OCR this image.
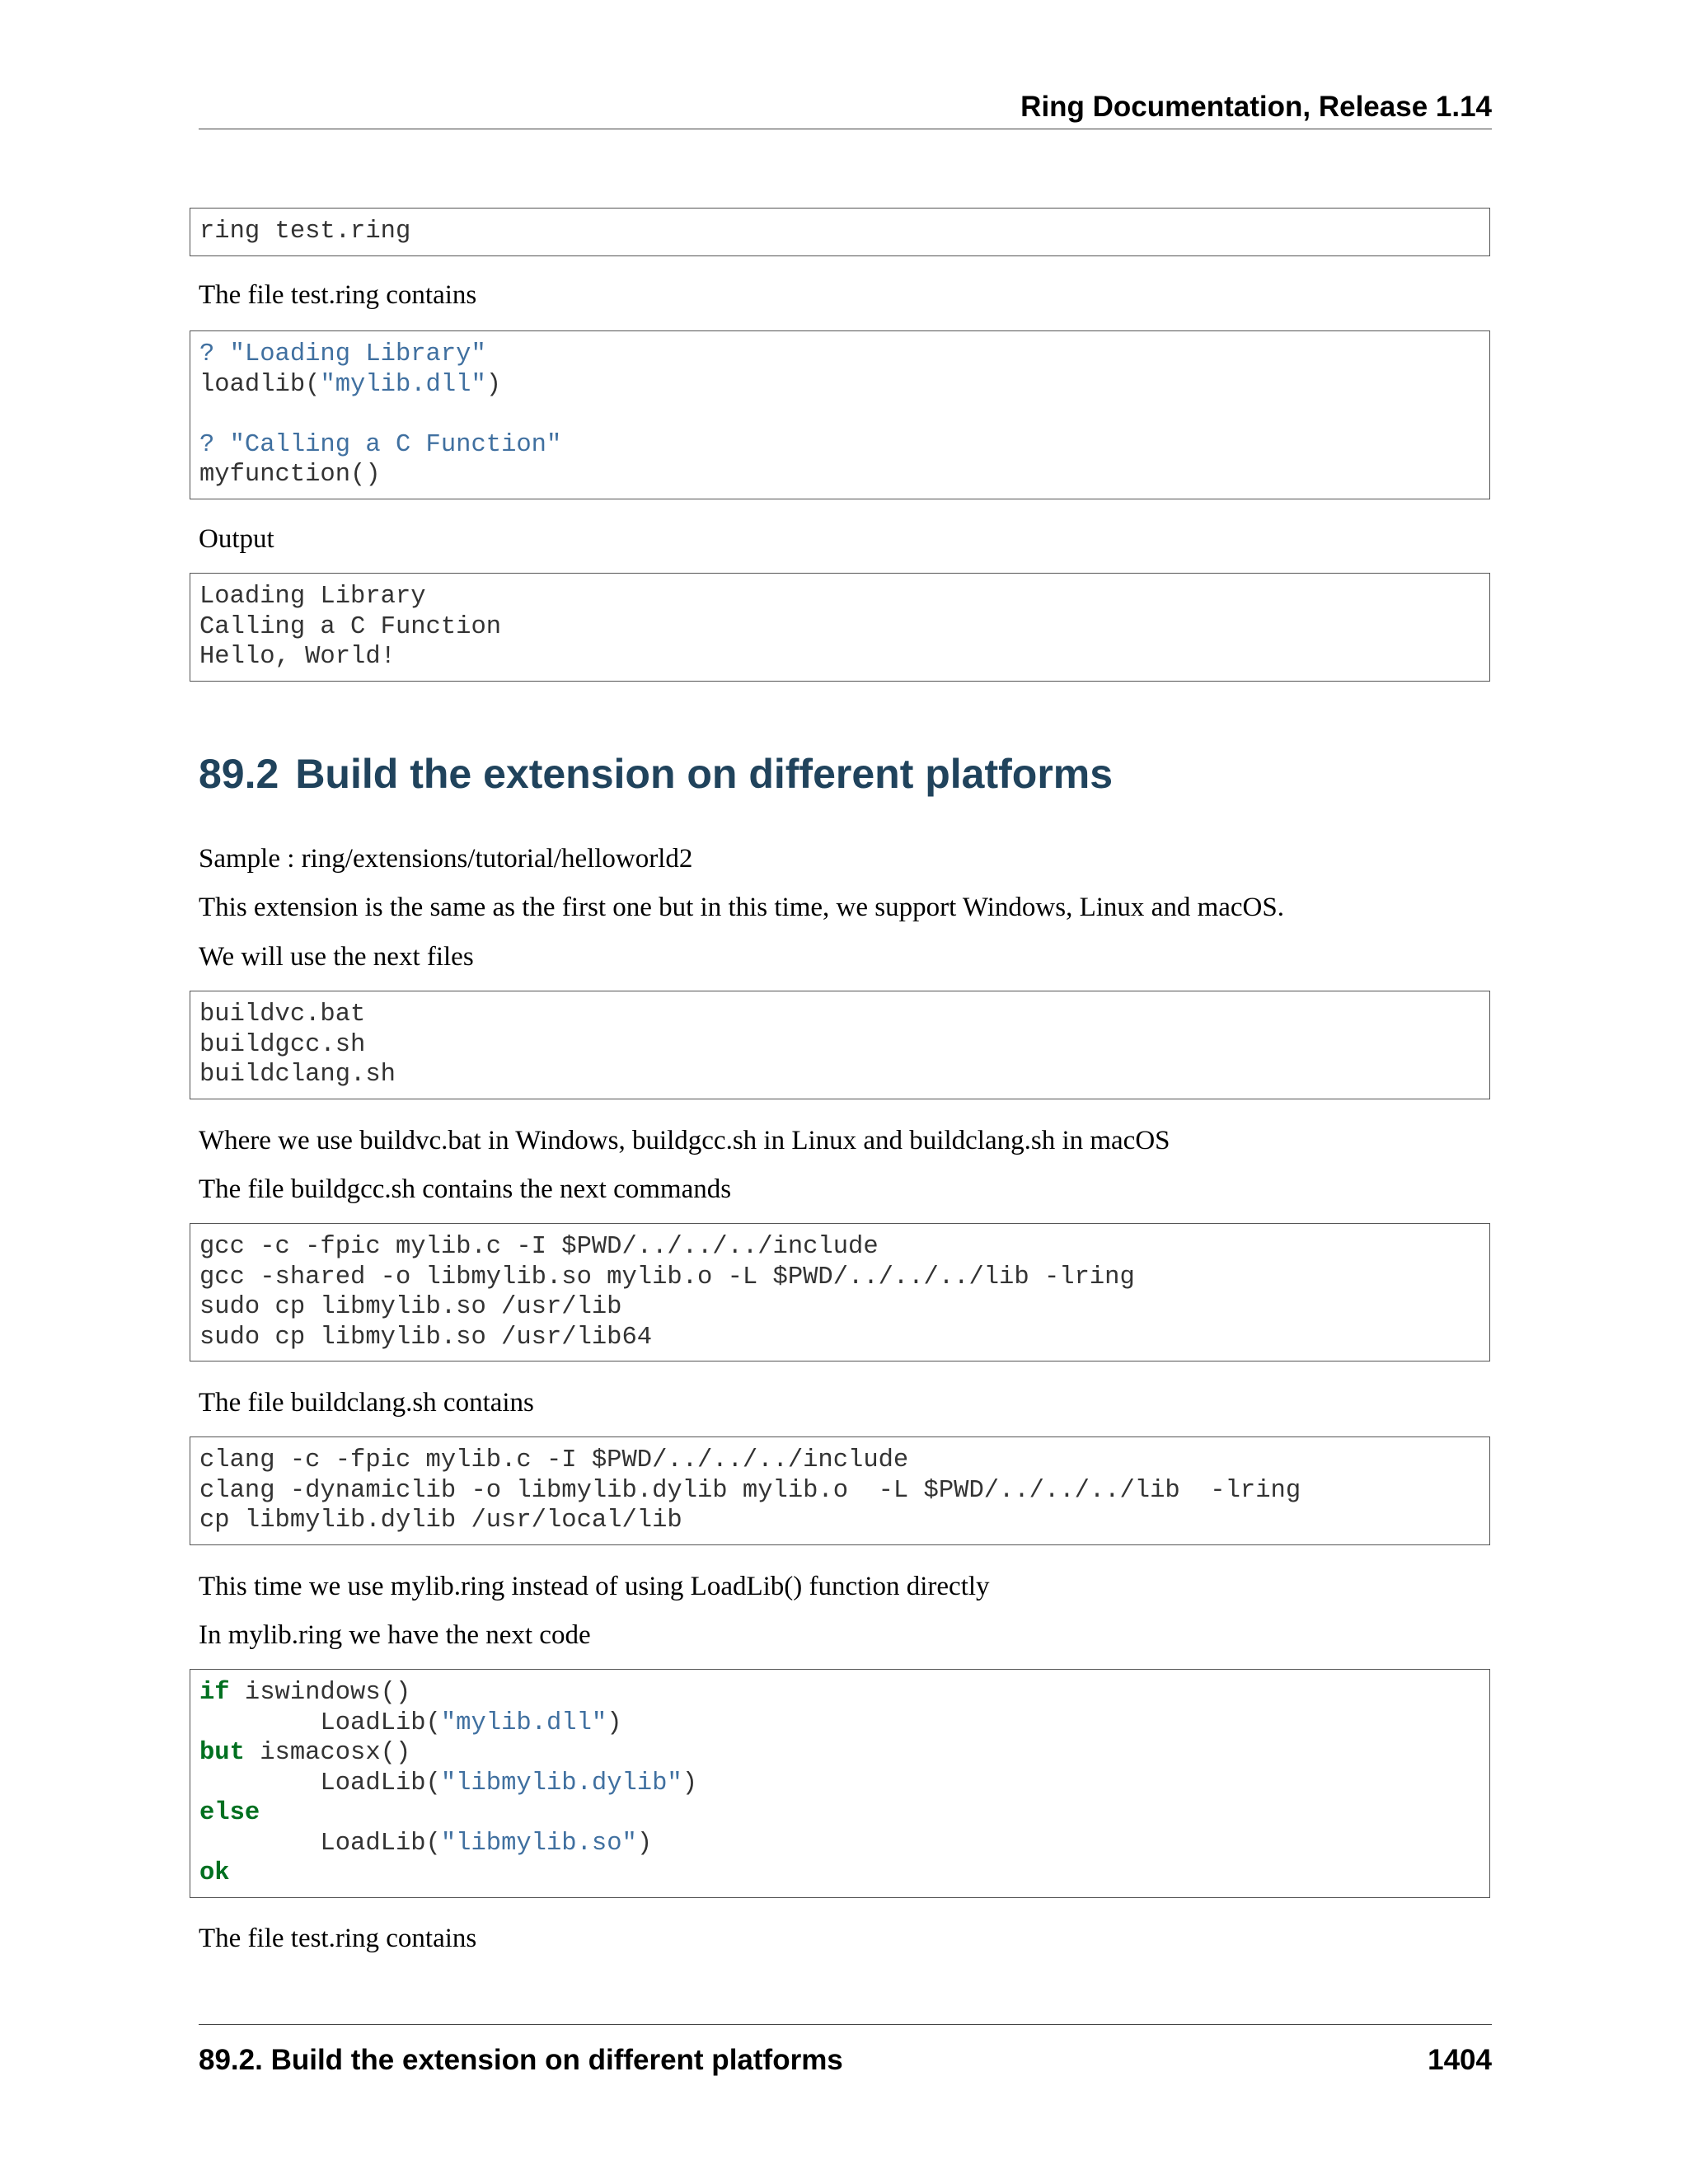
Ring Documentation, Release 1.14
ring test.ring

The file test.ring contains

? "Loading Library"
loadlib("mylib.dll")

? "Calling a C Function"
myfunction()

Output

Loading Library
Calling a C Function
Hello, World!
89.2 Build the extension on different platforms

Sample : ring/extensions/tutorial/helloworld2

This extension is the same as the first one but in this time, we support Windows, Linux and macOS.

We will use the next files

buildvc.bat
buildgcc.sh
buildclang.sh

Where we use buildvc.bat in Windows, buildgcc.sh in Linux and buildclang.sh in macOS

The file buildgcc.sh contains the next commands

gcc -c -fpic mylib.c -I $PWD/../../../include
gcc -shared -o libmylib.so mylib.o -L $PWD/../../../lib -lring
sudo cp libmylib.so /usr/lib
sudo cp libmylib.so /usr/lib64

The file buildclang.sh contains

clang -c -fpic mylib.c -I $PWD/../../../include
clang -dynamiclib -o libmylib.dylib mylib.o  -L $PWD/../../../lib  -lring
cp libmylib.dylib /usr/local/lib

This time we use mylib.ring instead of using LoadLib() function directly

In mylib.ring we have the next code

if iswindows()
LoadLib("mylib.dll")
but ismacosx()
LoadLib("libmylib.dylib")
else
LoadLib("libmylib.so")
ok

The file test.ring contains

89.2. Build the extension on different platforms	1404
